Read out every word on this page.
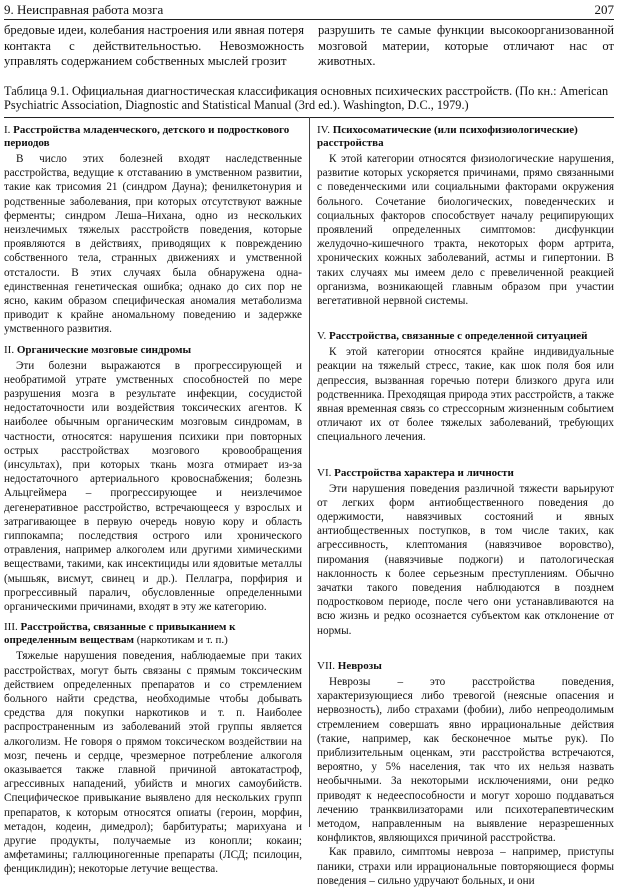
9. Неисправная работа мозга	207
бредовые идеи, колебания настроения или явная потеря контакта с действительностью. Невозможность управлять содержанием собственных мыслей грозит
разрушить те самые функции высокоорганизованной мозговой материи, которые отличают нас от животных.
Таблица 9.1. Официальная диагностическая классификация основных психических расстройств. (По кн.: American Psychiatric Association, Diagnostic and Statistical Manual (3rd ed.). Washington, D.C., 1979.)
I. Расстройства младенческого, детского и подросткового периодов

В число этих болезней входят наследственные расстройства, ведущие к отставанию в умственном развитии, такие как трисомия 21 (синдром Дауна); фенилкетонурия и родственные заболевания, при которых отсутствуют важные ферменты; синдром Леша–Нихана, одно из нескольких неизлечимых тяжелых расстройств поведения, которые проявляются в действиях, приводящих к повреждению собственного тела, странных движениях и умственной отсталости. В этих случаях была обнаружена одна-единственная генетическая ошибка; однако до сих пор не ясно, каким образом специфическая аномалия метаболизма приводит к крайне аномальному поведению и задержке умственного развития.

II. Органические мозговые синдромы

Эти болезни выражаются в прогрессирующей и необратимой утрате умственных способностей по мере разрушения мозга в результате инфекции, сосудистой недостаточности или воздействия токсических агентов. К наиболее обычным органическим мозговым синдромам, в частности, относятся: нарушения психики при повторных острых расстройствах мозгового кровообращения (инсультах), при которых ткань мозга отмирает из-за недостаточного артериального кровоснабжения; болезнь Альцгеймера – прогрессирующее и неизлечимое дегенеративное расстройство, встречающееся у взрослых и затрагивающее в первую очередь новую кору и область гиппокампа; последствия острого или хронического отравления, например алкоголем или другими химическими веществами, такими, как инсектициды или ядовитые металлы (мышьяк, висмут, свинец и др.). Пеллагра, порфирия и прогрессивный паралич, обусловленные определенными органическими причинами, входят в эту же категорию.

III. Расстройства, связанные с привыканием к определенным веществам (наркотикам и т. п.)

Тяжелые нарушения поведения, наблюдаемые при таких расстройствах, могут быть связаны с прямым токсическим действием определенных препаратов и со стремлением больного найти средства, необходимые чтобы добывать средства для покупки наркотиков и т. п. Наиболее распространенным из заболеваний этой группы является алкоголизм. Не говоря о прямом токсическом воздействии на мозг, печень и сердце, чрезмерное потребление алкоголя оказывается также главной причиной автокатастроф, агрессивных нападений, убийств и многих самоубийств. Специфическое привыкание выявлено для нескольких групп препаратов, к которым относятся опиаты (героин, морфин, метадон, кодеин, димедрол); барбитураты; марихуана и другие продукты, получаемые из конопли; кокаин; амфетамины; галлюциногенные препараты (ЛСД; псилоцин, фенциклидин); некоторые летучие вещества.

IV. Психосоматические (или психофизиологические) расстройства

К этой категории относятся физиологические нарушения, развитие которых ускоряется причинами, прямо связанными с поведенческими или социальными факторами окружения больного. Сочетание биологических, поведенческих и социальных факторов способствует началу реципирующих проявлений определенных симптомов: дисфункции желудочно-кишечного тракта, некоторых форм артрита, хронических кожных заболеваний, астмы и гипертонии. В таких случаях мы имеем дело с превеличенной реакцией организма, возникающей главным образом при участии вегетативной нервной системы.

V. Расстройства, связанные с определенной ситуацией

К этой категории относятся крайне индивидуальные реакции на тяжелый стресс, такие, как шок поля боя или депрессия, вызванная горечью потери близкого друга или родственника. Преходящая природа этих расстройств, а также явная временная связь со стрессорным жизненным событием отличают их от более тяжелых заболеваний, требующих специального лечения.

VI. Расстройства характера и личности

Эти нарушения поведения различной тяжести варьируют от легких форм антиобщественного поведения до одержимости, навязчивых состояний и явных антиобщественных поступков, в том числе таких, как агрессивность, клептомания (навязчивое воровство), пиромания (навязчивые поджоги) и патологическая наклонность к более серьезным преступлениям. Обычно зачатки такого поведения наблюдаются в позднем подростковом периоде, после чего они устанавливаются на всю жизнь и редко осознается субъектом как отклонение от нормы.

VII. Неврозы

Неврозы – это расстройства поведения, характеризующиеся либо тревогой (неясные опасения и нервозность), либо страхами (фобии), либо непреодолимым стремлением совершать явно иррациональные действия (такие, например, как бесконечное мытье рук). По приблизительным оценкам, эти расстройства встречаются, вероятно, у 5% населения, так что их нельзя назвать необычными. За некоторыми исключениями, они редко приводят к недееспособности и могут хорошо поддаваться лечению транквилизаторами или психотерапевтическим методом, направленным на выявление неразрешенных конфликтов, являющихся причиной расстройства.

Как правило, симптомы невроза – например, приступы паники, страхи или иррациональные повторяющиеся формы поведения – сильно удручают больных, и они
